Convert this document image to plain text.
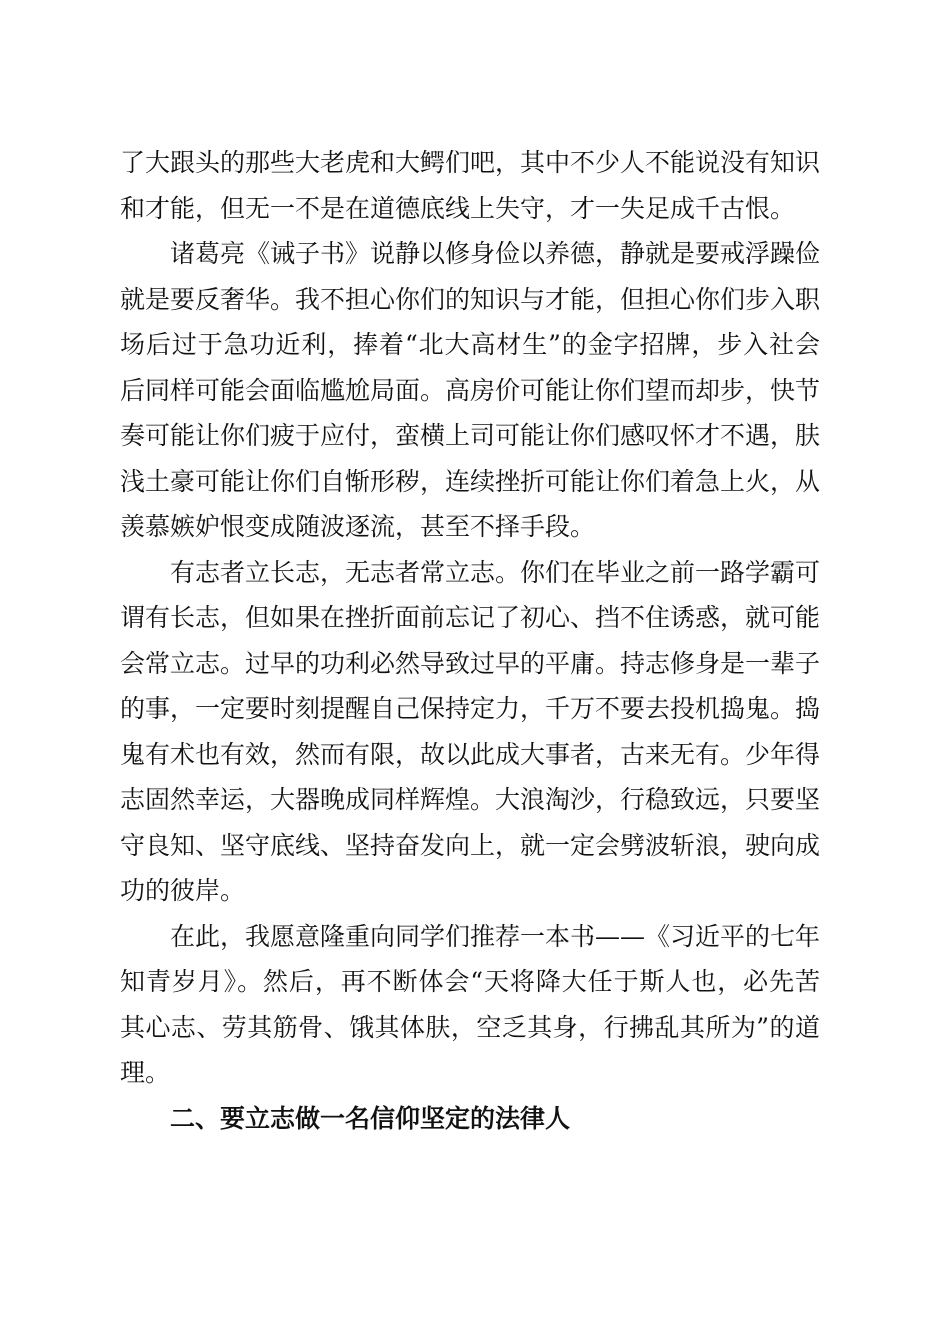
了大跟头的那些大老虎和大鳄们吧，其中不少人不能说没有知识和才能，但无一不是在道德底线上失守，才一失足成千古恨。

诸葛亮《诫子书》说静以修身俭以养德，静就是要戒浮躁俭就是要反奢华。我不担心你们的知识与才能，但担心你们步入职场后过于急功近利，捧着“北大高材生”的金字招牌，步入社会后同样可能会面临尴尬局面。高房价可能让你们望而却步，快节奏可能让你们疲于应付，蛮横上司可能让你们感叹怀才不遇，肤浅土豪可能让你们自惭形秽，连续挫折可能让你们着急上火，从羡慕嫉妒恨变成随波逐流，甚至不择手段。

有志者立长志，无志者常立志。你们在毕业之前一路学霸可谓有长志，但如果在挫折面前忘记了初心、挡不住诱惑，就可能会常立志。过早的功利必然导致过早的平庸。持志修身是一辈子的事，一定要时刻提醒自己保持定力，千万不要去投机捣鬼。捣鬼有术也有效，然而有限，故以此成大事者，古来无有。少年得志固然幸运，大器晚成同样辉煌。大浪淘沙，行稳致远，只要坚守良知、坚守底线、坚持奋发向上，就一定会劈波斩浪，驶向成功的彼岸。

在此，我愿意隆重向同学们推荐一本书——《习近平的七年知青岁月》。然后，再不断体会“天将降大任于斯人也，必先苦其心志、劳其筋骨、饿其体肤，空乏其身，行拂乱其所为”的道理。

二、要立志做一名信仰坚定的法律人
